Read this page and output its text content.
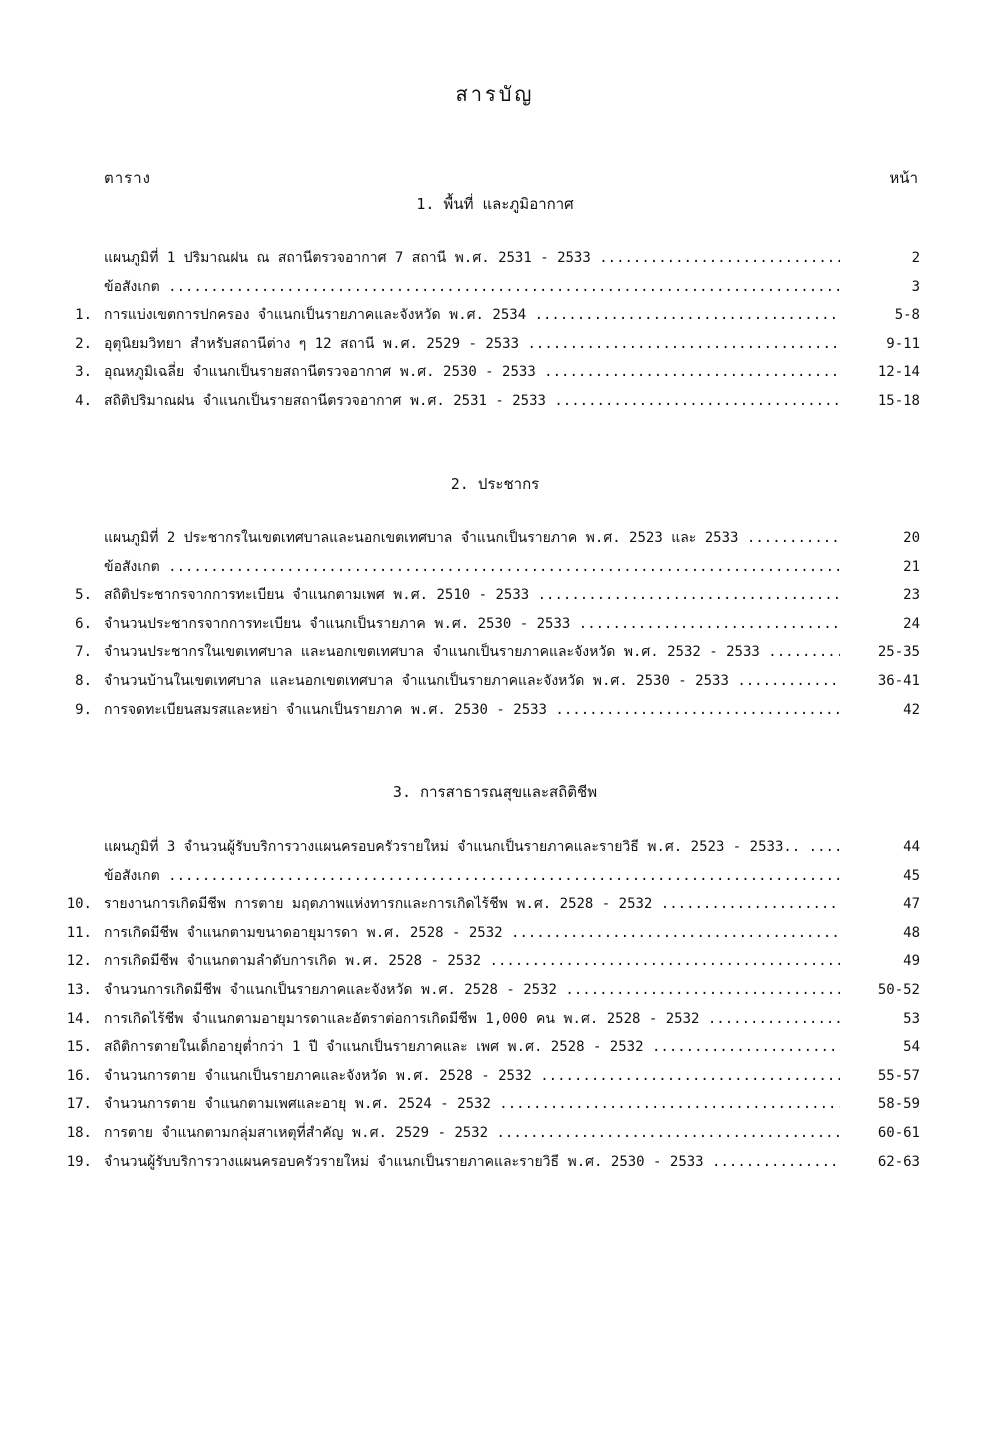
สารบัญ
ตาราง	หน้า
1. พื้นที่ และภูมิอากาศ
แผนภูมิที่ 1 ปริมาณฝน ณ สถานีตรวจอากาศ 7 สถานี พ.ศ. 2531 - 2533 .....	2
ข้อสังเกต .....	3
1. การแบ่งเขตการปกครอง จำแนกเป็นรายภาคและจังหวัด พ.ศ. 2534 .....	5-8
2. อุตุนิยมวิทยา สำหรับสถานีต่าง ๆ 12 สถานี พ.ศ. 2529 - 2533 .....	9-11
3. อุณหภูมิเฉลี่ย จำแนกเป็นรายสถานีตรวจอากาศ พ.ศ. 2530 - 2533 .....	12-14
4. สถิติปริมาณฝน จำแนกเป็นรายสถานีตรวจอากาศ พ.ศ. 2531 - 2533 .....	15-18
2. ประชากร
แผนภูมิที่ 2 ประชากรในเขตเทศบาลและนอกเขตเทศบาล จำแนกเป็นรายภาค พ.ศ. 2523 และ 2533 .....	20
ข้อสังเกต .....	21
5. สถิติประชากรจากการทะเบียน จำแนกตามเพศ พ.ศ. 2510 - 2533 .....	23
6. จำนวนประชากรจากการทะเบียน จำแนกเป็นรายภาค พ.ศ. 2530 - 2533 .....	24
7. จำนวนประชากรในเขตเทศบาล และนอกเขตเทศบาล จำแนกเป็นรายภาคและจังหวัด พ.ศ. 2532 - 2533 .....	25-35
8. จำนวนบ้านในเขตเทศบาล และนอกเขตเทศบาล จำแนกเป็นรายภาคและจังหวัด พ.ศ. 2530 - 2533 .....	36-41
9. การจดทะเบียนสมรสและหย่า จำแนกเป็นรายภาค พ.ศ. 2530 - 2533 .....	42
3. การสาธารณสุขและสถิติชีพ
แผนภูมิที่ 3 จำนวนผู้รับบริการวางแผนครอบครัวรายใหม่ จำแนกเป็นรายภาคและรายวิธี พ.ศ. 2523 - 2533.. .....	44
ข้อสังเกต .....	45
10. รายงานการเกิดมีชีพ การตาย มฤตภาพแห่งทารกและการเกิดไร้ชีพ พ.ศ. 2528 - 2532 .....	47
11. การเกิดมีชีพ จำแนกตามขนาดอายุมารดา พ.ศ. 2528 - 2532 .....	48
12. การเกิดมีชีพ จำแนกตามลำดับการเกิด พ.ศ. 2528 - 2532 .....	49
13. จำนวนการเกิดมีชีพ จำแนกเป็นรายภาคและจังหวัด พ.ศ. 2528 - 2532 .....	50-52
14. การเกิดไร้ชีพ จำแนกตามอายุมารดาและอัตราต่อการเกิดมีชีพ 1,000 คน พ.ศ. 2528 - 2532 .....	53
15. สถิติการตายในเด็กอายุต่ำกว่า 1 ปี จำแนกเป็นรายภาคและ เพศ พ.ศ. 2528 - 2532 .....	54
16. จำนวนการตาย จำแนกเป็นรายภาคและจังหวัด พ.ศ. 2528 - 2532 .....	55-57
17. จำนวนการตาย จำแนกตามเพศและอายุ พ.ศ. 2524 - 2532 .....	58-59
18. การตาย จำแนกตามกลุ่มสาเหตุที่สำคัญ พ.ศ. 2529 - 2532 .....	60-61
19. จำนวนผู้รับบริการวางแผนครอบครัวรายใหม่ จำแนกเป็นรายภาคและรายวิธี พ.ศ. 2530 - 2533 .....	62-63
